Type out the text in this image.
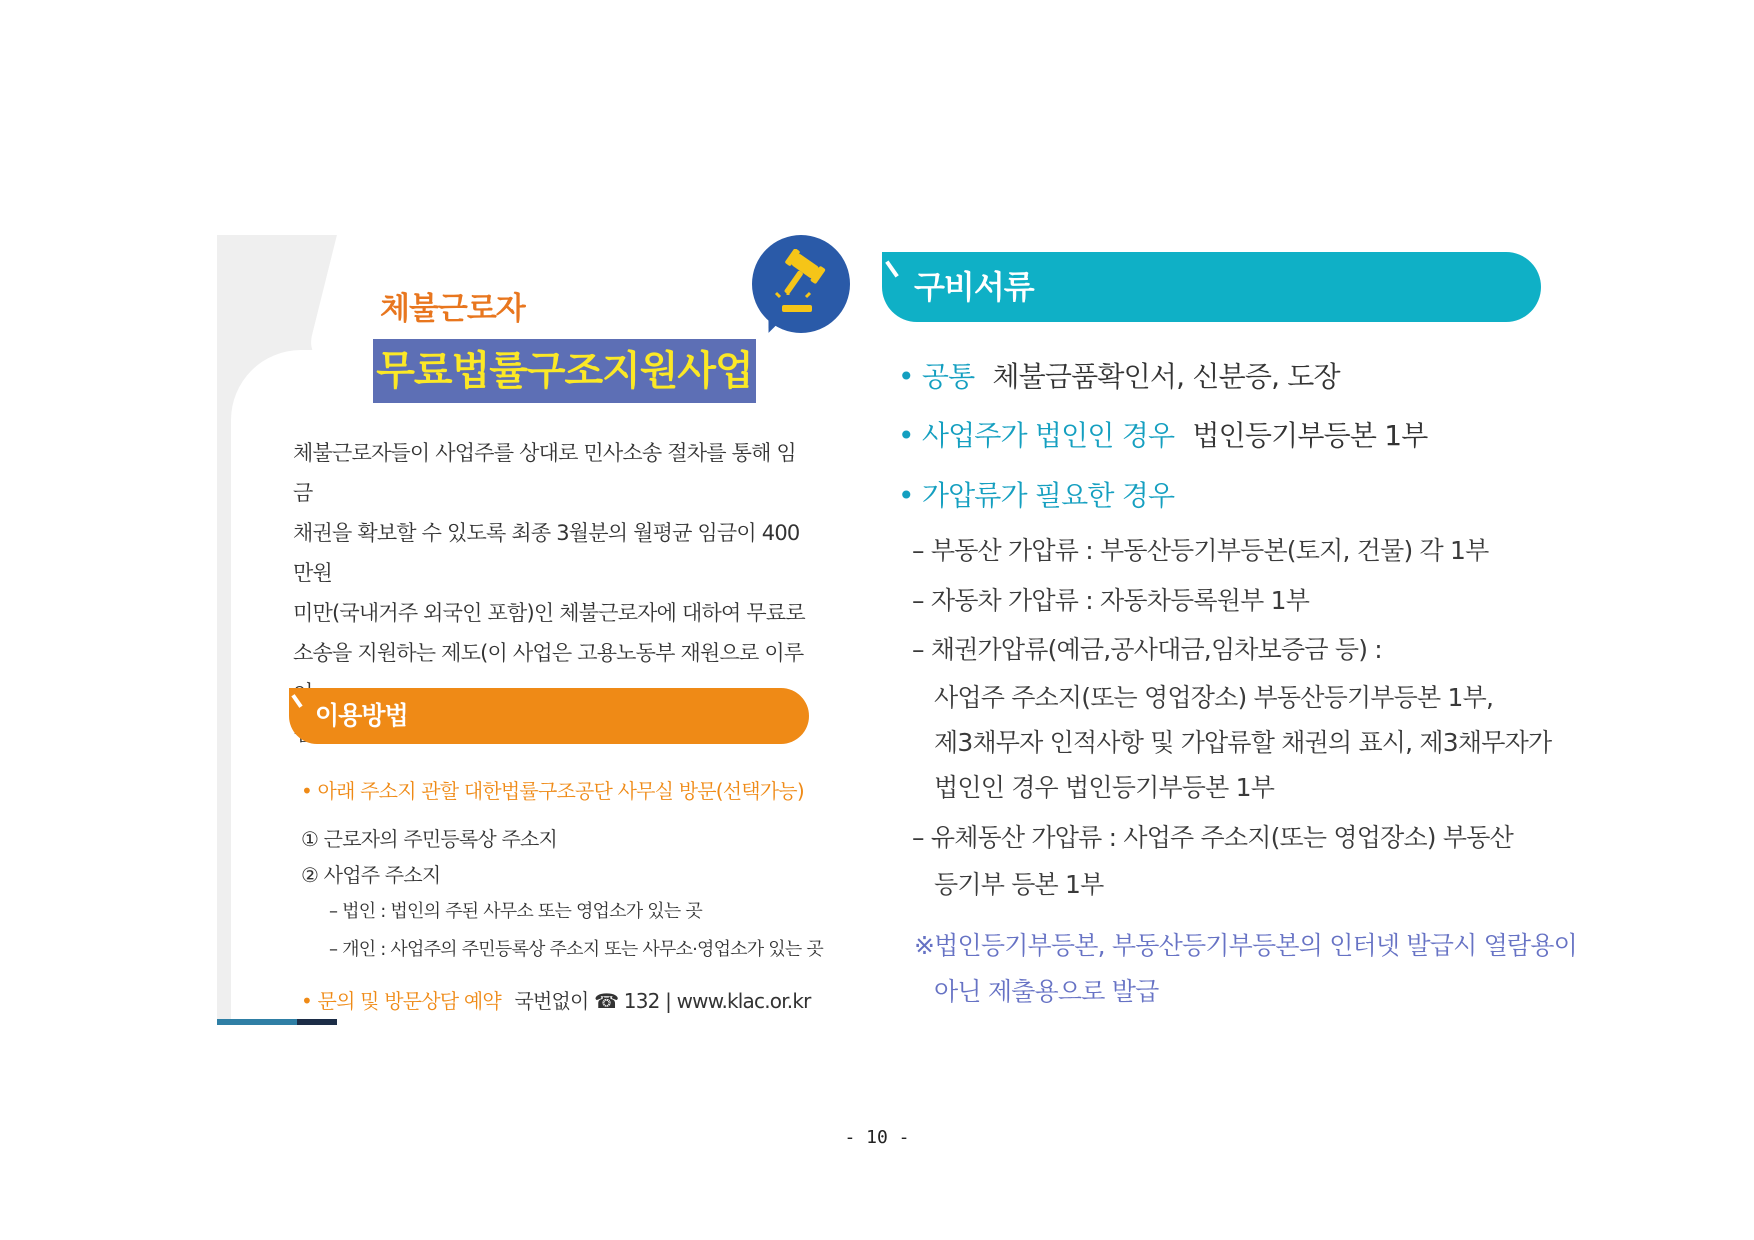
체불근로자
무료법률구조지원사업

체불근로자들이 사업주를 상대로 민사소송 절차를 통해 임금

채권을 확보할 수 있도록 최종 3월분의 월평균 임금이 400만원

미만(국내거주 외국인 포함)인 체불근로자에 대하여 무료로

소송을 지원하는 제도(이 사업은 고용노동부 재원으로 이루

이용방법
• 아래 주소지 관할 대한법률구조공단 사무실 방문(선택가능)
① 근로자의 주민등록상 주소지
② 사업주 주소지
– 법인 : 법인의 주된 사무소 또는 영업소가 있는 곳
– 개인 : 사업주의 주민등록상 주소지 또는 사무소·영업소가 있는 곳
• 문의 및 방문상담 예약 국번없이 ☎ 132 | www.klac.or.kr
구비서류
• 공통 체불금품확인서, 신분증, 도장
• 사업주가 법인인 경우 법인등기부등본 1부
• 가압류가 필요한 경우
– 부동산 가압류 : 부동산등기부등본(토지, 건물) 각 1부
– 자동차 가압류 : 자동차등록원부 1부
– 채권가압류(예금,공사대금,임차보증금 등) :
사업주 주소지(또는 영업장소) 부동산등기부등본 1부,
제3채무자 인적사항 및 가압류할 채권의 표시, 제3채무자가
법인인 경우 법인등기부등본 1부
– 유체동산 가압류 : 사업주 주소지(또는 영업장소) 부동산
등기부 등본 1부
※법인등기부등본, 부동산등기부등본의 인터넷 발급시 열람용이
아닌 제출용으로 발급
- 10 -
